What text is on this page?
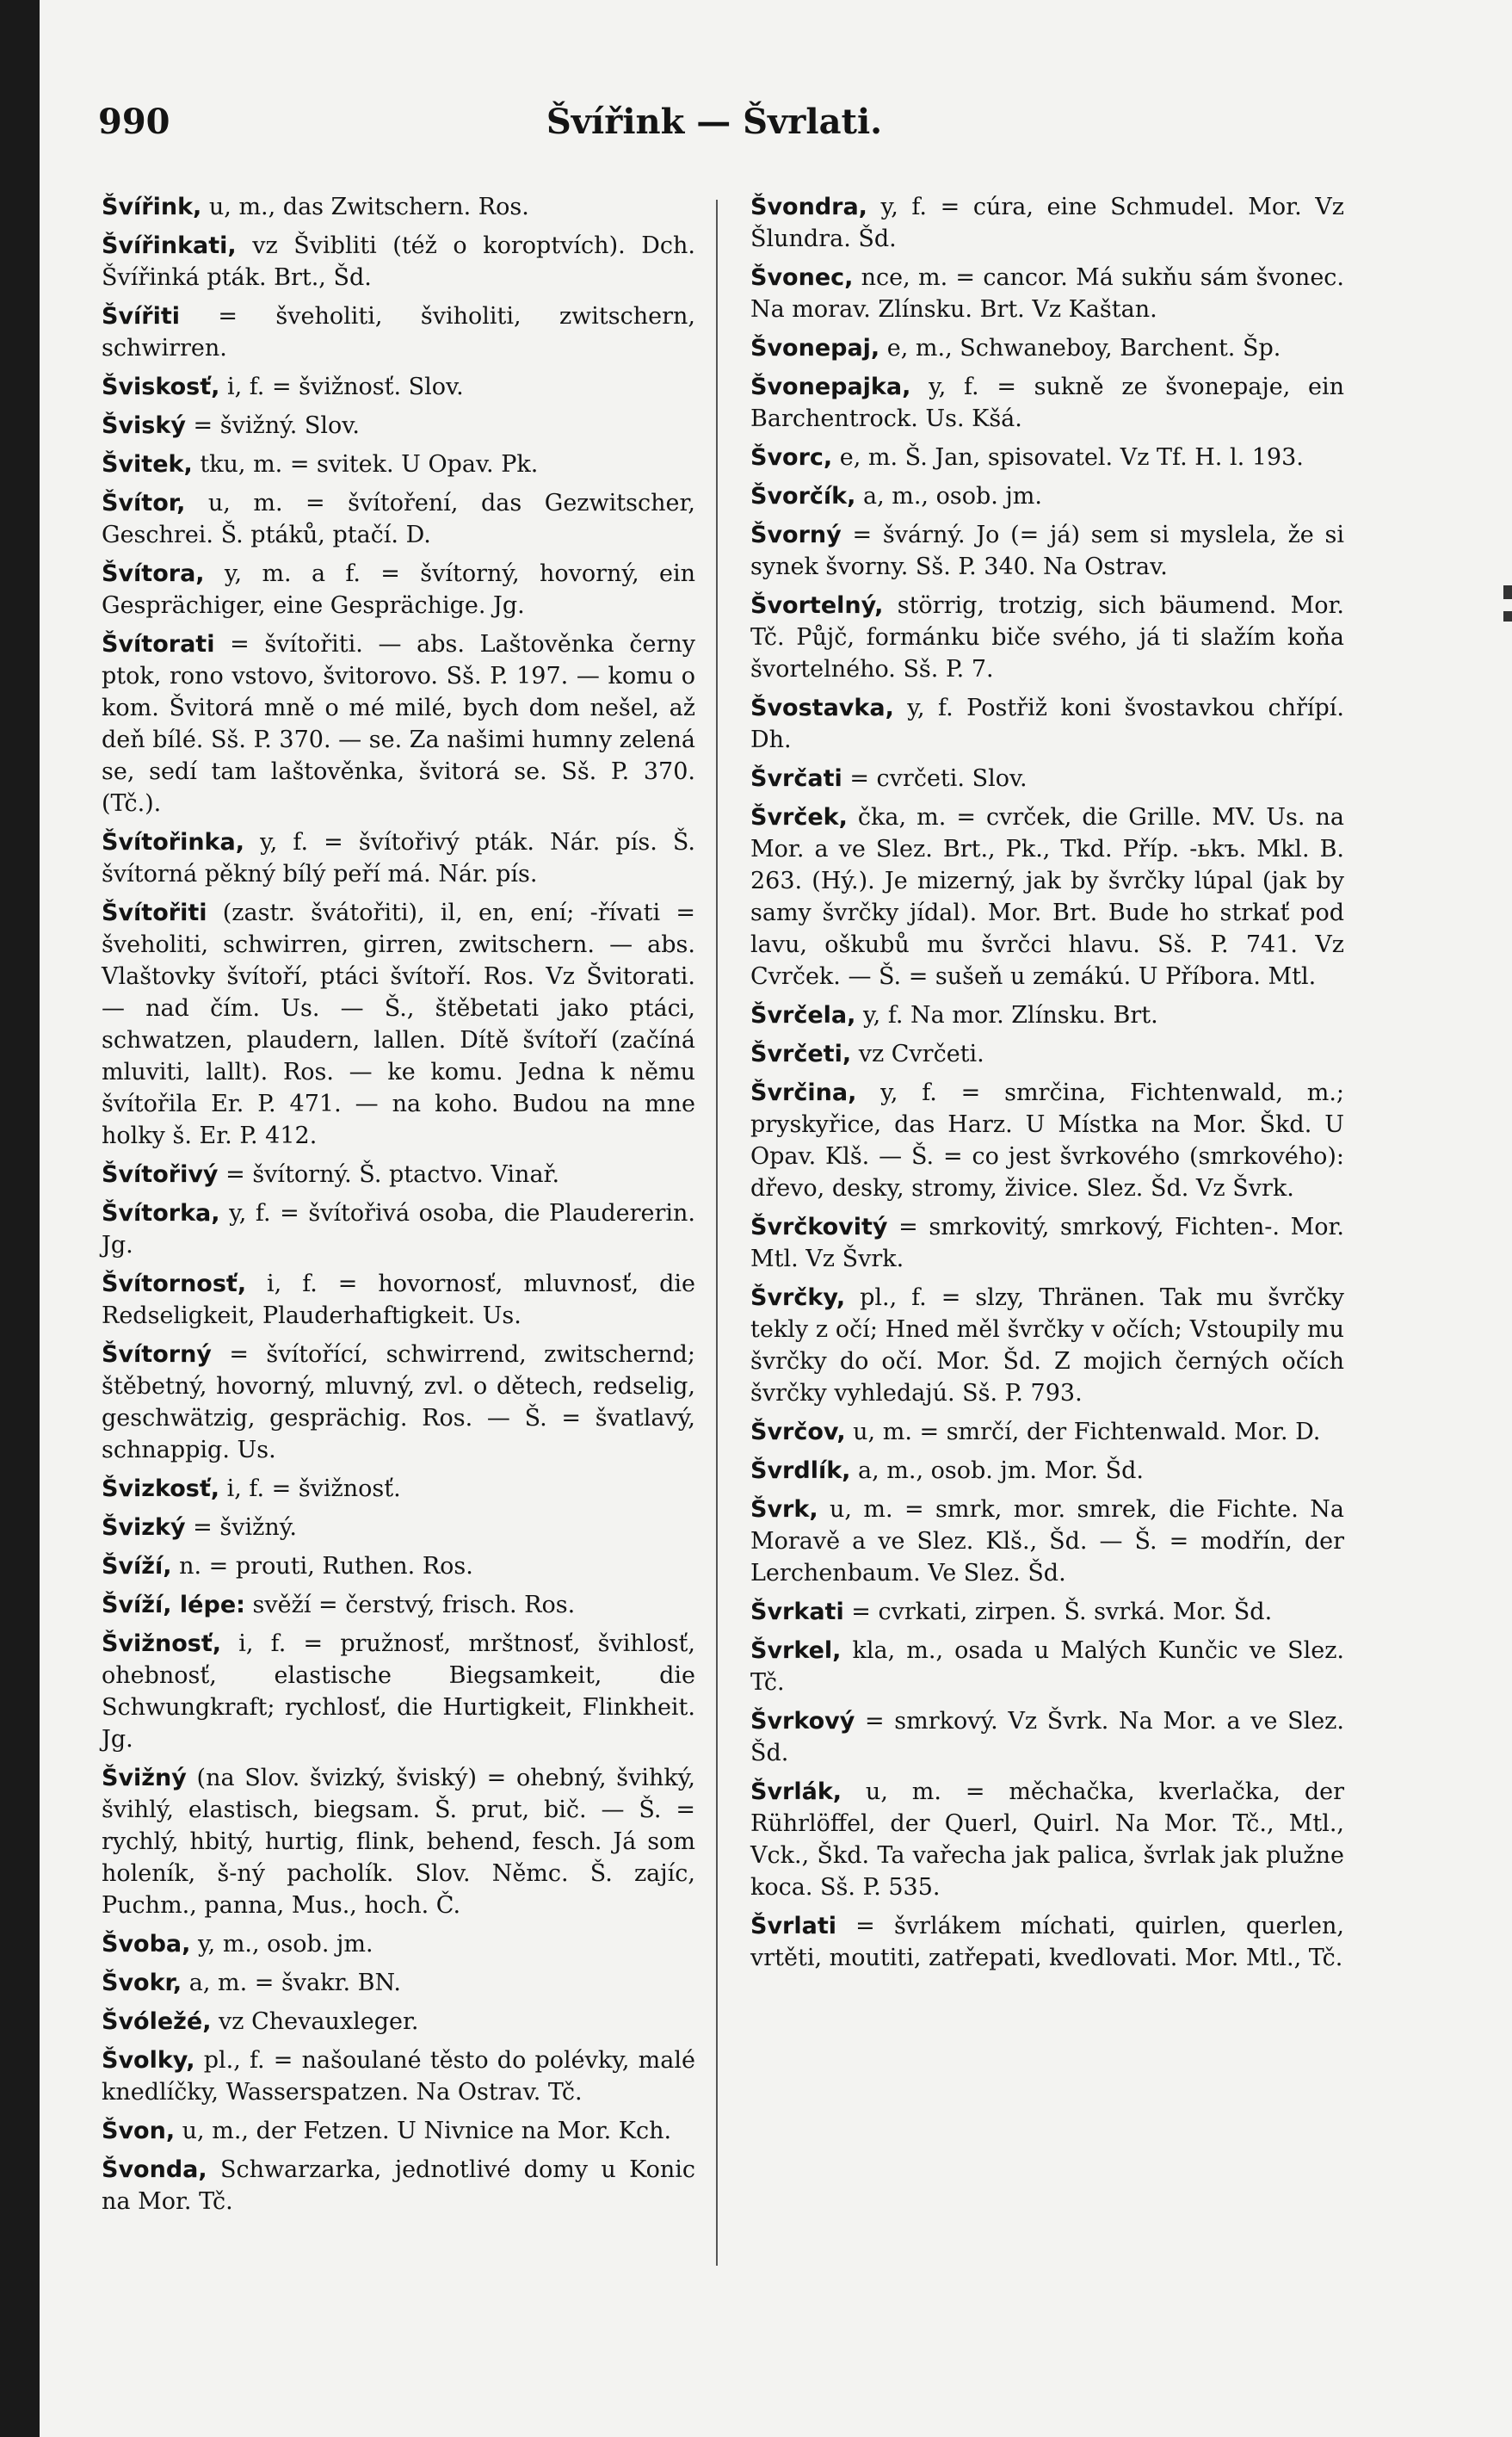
990	Švířink — Švrlati.

Švířink, u, m., das Zwitschern. Ros.

Švířinkati, vz Švibliti (též o koroptvích). Dch. Švířinká pták. Brt., Šd.

Švířiti = šveholiti, šviholiti, zwitschern, schwirren.

Šviskosť, i, f. = švižnosť. Slov.

Šviský = švižný. Slov.

Švitek, tku, m. = svitek. U Opav. Pk.

Švítor, u, m. = švítoření, das Gezwitscher, Geschrei. Š. ptáků, ptačí. D.

Švítora, y, m. a f. = švítorný, hovorný, ein Gesprächiger, eine Gesprächige. Jg.

Švítorati = švítořiti. — abs. Laštověnka černy ptok, rono vstovo, švitorovo. Sš. P. 197. — komu o kom. Švitorá mně o mé milé, bych dom nešel, až deň bílé. Sš. P. 370. — se. Za našimi humny zelená se, sedí tam laštověnka, švitorá se. Sš. P. 370. (Tč.).

Švítořinka, y, f. = švítořivý pták. Nár. pís. Š. švítorná pěkný bílý peří má. Nár. pís.

Švítořiti (zastr. švátořiti), il, en, ení; -řívati = šveholiti, schwirren, girren, zwitschern. — abs. Vlaštovky švítoří, ptáci švítoří. Ros. Vz Švitorati. — nad čím. Us. — Š., štěbetati jako ptáci, schwatzen, plaudern, lallen. Dítě švítoří (začíná mluviti, lallt). Ros. — ke komu. Jedna k němu švítořila Er. P. 471. — na koho. Budou na mne holky š. Er. P. 412.

Švítořivý = švítorný. Š. ptactvo. Vinař.

Švítorka, y, f. = švítořivá osoba, die Plaudererin. Jg.

Švítornosť, i, f. = hovornosť, mluvnosť, die Redseligkeit, Plauderhaftigkeit. Us.

Švítorný = švítořící, schwirrend, zwitschernd; štěbetný, hovorný, mluvný, zvl. o dětech, redselig, geschwätzig, gesprächig. Ros. — Š. = švatlavý, schnappig. Us.

Švizkosť, i, f. = švižnosť.

Švizký = švižný.

Švíží, n. = prouti, Ruthen. Ros.

Švíží, lépe: svěží = čerstvý, frisch. Ros.

Švižnosť, i, f. = pružnosť, mrštnosť, švihlosť, ohebnosť, elastische Biegsamkeit, die Schwungkraft; rychlosť, die Hurtigkeit, Flinkheit. Jg.

Švižný (na Slov. švizký, šviský) = ohebný, švihký, švihlý, elastisch, biegsam. Š. prut, bič. — Š. = rychlý, hbitý, hurtig, flink, behend, fesch. Já som holeník, š-ný pacholík. Slov. Němc. Š. zajíc, Puchm., panna, Mus., hoch. Č.

Švoba, y, m., osob. jm.

Švokr, a, m. = švakr. BN.

Švóležé, vz Chevauxleger.

Švolky, pl., f. = našoulané těsto do polévky, malé knedlíčky, Wasserspatzen. Na Ostrav. Tč.

Švon, u, m., der Fetzen. U Nivnice na Mor. Kch.

Švonda, Schwarzarka, jednotlivé domy u Konic na Mor. Tč.

Švondra, y, f. = cúra, eine Schmudel. Mor. Vz Šlundra. Šd.

Švonec, nce, m. = cancor. Má sukňu sám švonec. Na morav. Zlínsku. Brt. Vz Kaštan.

Švonepaj, e, m., Schwaneboy, Barchent. Šp.

Švonepajka, y, f. = sukně ze švonepaje, ein Barchentrock. Us. Kšá.

Švorc, e, m. Š. Jan, spisovatel. Vz Tf. H. l. 193.

Švorčík, a, m., osob. jm.

Švorný = švárný. Jo (= já) sem si myslela, že si synek švorny. Sš. P. 340. Na Ostrav.

Švortelný, störrig, trotzig, sich bäumend. Mor. Tč. Půjč, formánku biče svého, já ti slažím koňa švortelného. Sš. P. 7.

Švostavka, y, f. Postřiž koni švostavkou chřípí. Dh.

Švrčati = cvrčeti. Slov.

Švrček, čka, m. = cvrček, die Grille. MV. Us. na Mor. a ve Slez. Brt., Pk., Tkd. Příp. -ьkъ. Mkl. B. 263. (Hý.). Je mizerný, jak by švrčky lúpal (jak by samy švrčky jídal). Mor. Brt. Bude ho strkať pod lavu, oškubů mu švrčci hlavu. Sš. P. 741. Vz Cvrček. — Š. = sušeň u zemákú. U Příbora. Mtl.

Švrčela, y, f. Na mor. Zlínsku. Brt.

Švrčeti, vz Cvrčeti.

Švrčina, y, f. = smrčina, Fichtenwald, m.; pryskyřice, das Harz. U Místka na Mor. Škd. U Opav. Klš. — Š. = co jest švrkového (smrkového): dřevo, desky, stromy, živice. Slez. Šd. Vz Švrk.

Švrčkovitý = smrkovitý, smrkový, Fichten-. Mor. Mtl. Vz Švrk.

Švrčky, pl., f. = slzy, Thränen. Tak mu švrčky tekly z očí; Hned měl švrčky v očích; Vstoupily mu švrčky do očí. Mor. Šd. Z mojich černých očích švrčky vyhledajú. Sš. P. 793.

Švrčov, u, m. = smrčí, der Fichtenwald. Mor. D.

Švrdlík, a, m., osob. jm. Mor. Šd.

Švrk, u, m. = smrk, mor. smrek, die Fichte. Na Moravě a ve Slez. Klš., Šd. — Š. = modřín, der Lerchenbaum. Ve Slez. Šd.

Švrkati = cvrkati, zirpen. Š. svrká. Mor. Šd.

Švrkel, kla, m., osada u Malých Kunčic ve Slez. Tč.

Švrkový = smrkový. Vz Švrk. Na Mor. a ve Slez. Šd.

Švrlák, u, m. = měchačka, kverlačka, der Rührlöffel, der Querl, Quirl. Na Mor. Tč., Mtl., Vck., Škd. Ta vařecha jak palica, švrlak jak plužne koca. Sš. P. 535.

Švrlati = švrlákem míchati, quirlen, querlen, vrtěti, moutiti, zatřepati, kvedlovati. Mor. Mtl., Tč.
